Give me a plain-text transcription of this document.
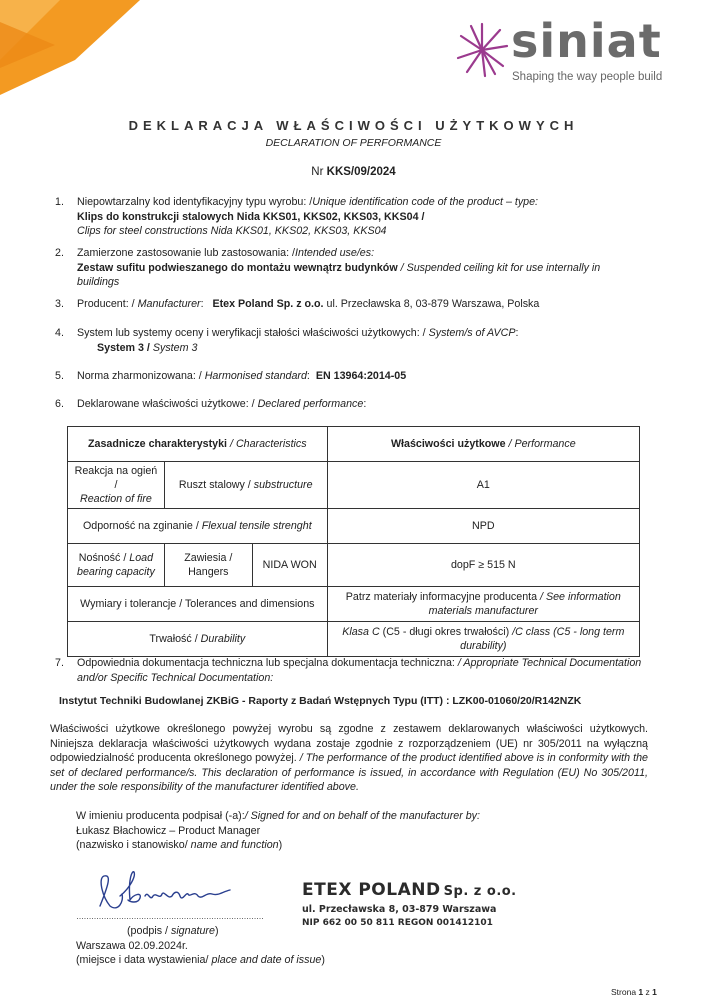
siniat
Shaping the way people build
DEKLARACJA WŁAŚCIWOŚCI UŻYTKOWYCH
DECLARATION OF PERFORMANCE
Nr KKS/09/2024
1. Niepowtarzalny kod identyfikacyjny typu wyrobu: /Unique identification code of the product – type:
Klips do konstrukcji stalowych Nida KKS01, KKS02, KKS03, KKS04 /
Clips for steel constructions Nida KKS01, KKS02, KKS03, KKS04
2. Zamierzone zastosowanie lub zastosowania: /Intended use/es:
Zestaw sufitu podwieszanego do montażu wewnątrz budynków / Suspended ceiling kit for use internally in
buildings
3. Producent: / Manufacturer: Etex Poland Sp. z o.o. ul. Przecławska 8, 03-879 Warszawa, Polska
4. System lub systemy oceny i weryfikacji stałości właściwości użytkowych: / System/s of AVCP:
System 3 / System 3
5. Norma zharmonizowana: / Harmonised standard: EN 13964:2014-05
6. Deklarowane właściwości użytkowe: / Declared performance:
Zasadnicze charakterystyki / Characteristics			Właściwości użytkowe / Performance
Reakcja na ogień /
Reaction of fire	Ruszt stalowy / substructure		A1
Odporność na zginanie / Flexual tensile strenght			NPD
Nośność / Load
bearing capacity	Zawiesia /
Hangers	NIDA WON	dopF ≥ 515 N
Wymiary i tolerancje / Tolerances and dimensions			Patrz materiały informacyjne producenta / See information
materials manufacturer
Trwałość / Durability			Klasa C (C5 - długi okres trwałości) /C class (C5 - long term
durability)
7. Odpowiednia dokumentacja techniczna lub specjalna dokumentacja techniczna: / Appropriate Technical Documentation
and/or Specific Technical Documentation:
Instytut Techniki Budowlanej ZKBiG - Raporty z Badań Wstępnych Typu (ITT) : LZK00-01060/20/R142NZK
Właściwości użytkowe określonego powyżej wyrobu są zgodne z zestawem deklarowanych właściwości użytkowych. Niniejsza deklaracja właściwości użytkowych wydana zostaje zgodnie z rozporządzeniem (UE) nr 305/2011 na wyłączną odpowiedzialność producenta określonego powyżej. / The performance of the product identified above is in conformity with the set of declared performance/s. This declaration of performance is issued, in accordance with Regulation (EU) No 305/2011, under the sole responsibility of the manufacturer identified above.
W imieniu producenta podpisał (-a):/ Signed for and on behalf of the manufacturer by:
Łukasz Błachowicz – Product Manager
(nazwisko i stanowisko/ name and function)
…………………………………………………………………
(podpis / signature)
Warszawa 02.09.2024r.
(miejsce i data wystawienia/ place and date of issue)
ETEX POLAND Sp. z o.o.
ul. Przecławska 8, 03-879 Warszawa
NIP 662 00 50 811 REGON 001412101
Strona 1 z 1
